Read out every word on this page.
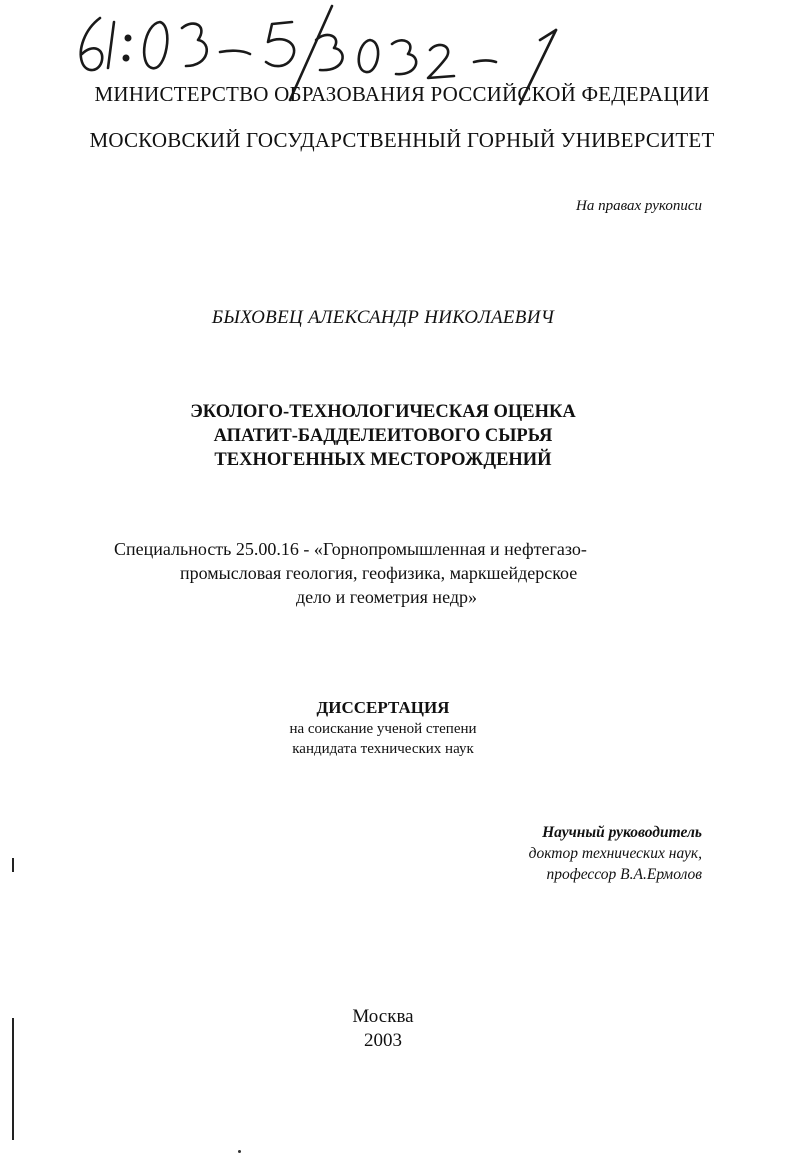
МИНИСТЕРСТВО ОБРАЗОВАНИЯ РОССИЙСКОЙ ФЕДЕРАЦИИ
МОСКОВСКИЙ ГОСУДАРСТВЕННЫЙ ГОРНЫЙ УНИВЕРСИТЕТ
На правах рукописи
БЫХОВЕЦ АЛЕКСАНДР НИКОЛАЕВИЧ
ЭКОЛОГО-ТЕХНОЛОГИЧЕСКАЯ ОЦЕНКА
АПАТИТ-БАДДЕЛЕИТОВОГО СЫРЬЯ
ТЕХНОГЕННЫХ МЕСТОРОЖДЕНИЙ
Специальность 25.00.16 - «Горнопромышленная и нефтегазо-
промысловая геология, геофизика, маркшейдерское
дело и геометрия недр»
ДИССЕРТАЦИЯ
на соискание ученой степени
кандидата технических наук
Научный руководитель
доктор технических наук,
профессор В.А.Ермолов
Москва
2003
